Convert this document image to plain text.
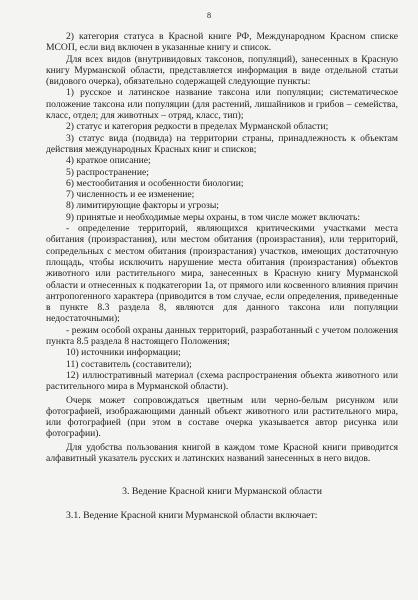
8

2) категория статуса в Красной книге РФ, Международном Красном списке МСОП, если вид включен в указанные книгу и список.

Для всех видов (внутривидовых таксонов, популяций), занесенных в Красную книгу Мурманской области, представляется информация в виде отдельной статьи (видового очерка), обязательно содержащей следующие пункты:

1) русское и латинское название таксона или популяции; систематическое положение таксона или популяции (для растений, лишайников и грибов – семейства, класс, отдел; для животных – отряд, класс, тип);

2) статус и категория редкости в пределах Мурманской области;

3) статус вида (подвида) на территории страны, принадлежность к объектам действия международных Красных книг и списков;

4) краткое описание;

5) распространение;

6) местообитания и особенности биологии;

7) численность и ее изменение;

8) лимитирующие факторы и угрозы;

9) принятые и необходимые меры охраны, в том числе может включать:

- определение территорий, являющихся критическими участками места обитания (произрастания), или местом обитания (произрастания), или территорий, сопредельных с местом обитания (произрастания) участков, имеющих достаточную площадь, чтобы исключить нарушение места обитания (произрастания) объектов животного или растительного мира, занесенных в Красную книгу Мурманской области и отнесенных к подкатегории 1а, от прямого или косвенного влияния причин антропогенного характера (приводится в том случае, если определения, приведенные в пункте 8.3 раздела 8, являются для данного таксона или популяции недостаточными);

- режим особой охраны данных территорий, разработанный с учетом положения пункта 8.5 раздела 8 настоящего Положения;

10) источники информации;

11) составитель (составители);

12) иллюстративный материал (схема распространения объекта животного или растительного мира в Мурманской области).

Очерк может сопровождаться цветным или черно-белым рисунком или фотографией, изображающими данный объект животного или растительного мира, или фотографией (при этом в составе очерка указывается автор рисунка или фотографии).

Для удобства пользования книгой в каждом томе Красной книги приводится алфавитный указатель русских и латинских названий занесенных в него видов.

3. Ведение Красной книги Мурманской области

3.1. Ведение Красной книги Мурманской области включает:
